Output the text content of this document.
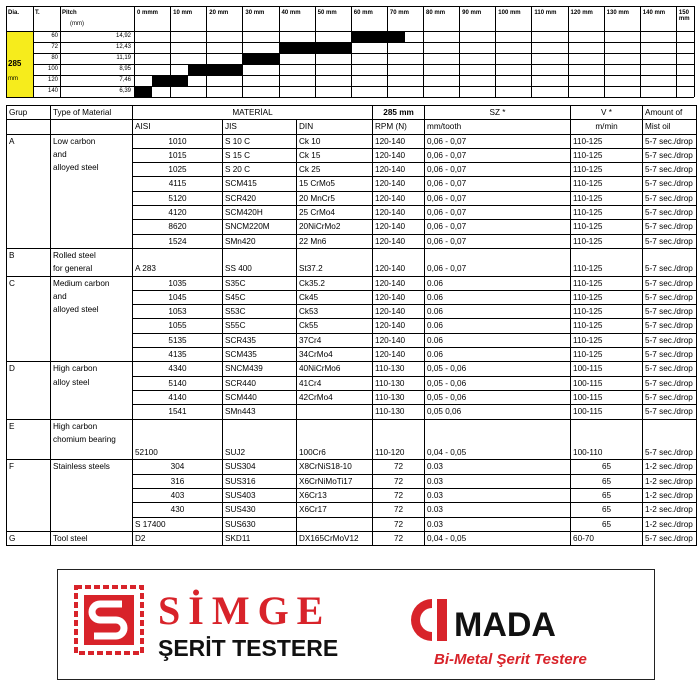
Dia.	T.	Pitch
(mm)
0 mmm	10 mm	20 mm	30 mm	40 mm	50 mm	60 mm	70 mm	80 mm	90 mm	100 mm 110 mm 120 mm 130 mm 140 mm 150 mm
285
mm
60	14,92
72	12,43
80	11,19
100	8,95
120	7,46
140	6,39
Grup	Type of Material	MATERİAL			285 mm	SZ *	V *	Amount of	
		AISI	JIS	DIN	RPM (N)	mm/tooth	m/min	Mist oil	
A	Low carbon
and
alloyed steel	1010	S 10 C	Ck 10	120-140	0,06 - 0,07	110-125	5-7 sec./drop	
		1015	S 15 C	Ck 15	120-140	0,06 - 0,07	110-125	5-7 sec./drop	
		1025	S 20 C	Ck 25	120-140	0,06 - 0,07	110-125	5-7 sec./drop	
		4115	SCM415	15 CrMo5	120-140	0,06 - 0,07	110-125	5-7 sec./drop	
		5120	SCR420	20 MnCr5	120-140	0,06 - 0,07	110-125	5-7 sec./drop	
		4120	SCM420H	25 CrMo4	120-140	0,06 - 0,07	110-125	5-7 sec./drop	
		8620	SNCM220M	20NiCrMo2	120-140	0,06 - 0,07	110-125	5-7 sec./drop	
		1524	SMn420	22 Mn6	120-140	0,06 - 0,07	110-125	5-7 sec./drop	
B	Rolled steel
for general	A 283	SS 400	St37.2	120-140	0,06 - 0,07	110-125	5-7 sec./drop	
C	Medium carbon
and
alloyed steel	1035	S35C	Ck35.2	120-140	0.06	110-125	5-7 sec./drop	
		1045	S45C	Ck45	120-140	0.06	110-125	5-7 sec./drop	
		1053	S53C	Ck53	120-140	0.06	110-125	5-7 sec./drop	
		1055	S55C	Ck55	120-140	0.06	110-125	5-7 sec./drop	
		5135	SCR435	37Cr4	120-140	0.06	110-125	5-7 sec./drop	
		4135	SCM435	34CrMo4	120-140	0.06	110-125	5-7 sec./drop	
D	High carbon
alloy steel	4340	SNCM439	40NiCrMo6	110-130	0,05 - 0,06	100-115	5-7 sec./drop	
		5140	SCR440	41Cr4	110-130	0,05 - 0,06	100-115	5-7 sec./drop	
		4140	SCM440	42CrMo4	110-130	0,05 - 0,06	100-115	5-7 sec./drop	
		1541	SMn443		110-130	0,05 0,06	100-115	5-7 sec./drop	
E	High carbon
chomium bearing	52100	SUJ2	100Cr6	110-120	0,04 - 0,05	100-110	5-7 sec./drop	
F	Stainless steels	304	SUS304	X8CrNiS18-10	72	0.03	65	1-2 sec./drop	
		316	SUS316	X6CrNiMoTi17	72	0.03	65	1-2 sec./drop	
		403	SUS403	X6Cr13	72	0.03	65	1-2 sec./drop	
		430	SUS430	X6Cr17	72	0.03	65	1-2 sec./drop	
		S 17400	SUS630		72	0.03	65	1-2 sec./drop	
G	Tool steel	D2	SKD11	DX165CrMoV12	72	0,04 - 0,05	60-70	5-7 sec./drop	
SİMGE
ŞERİT TESTERE
MADA
Bi-Metal Şerit Testere
